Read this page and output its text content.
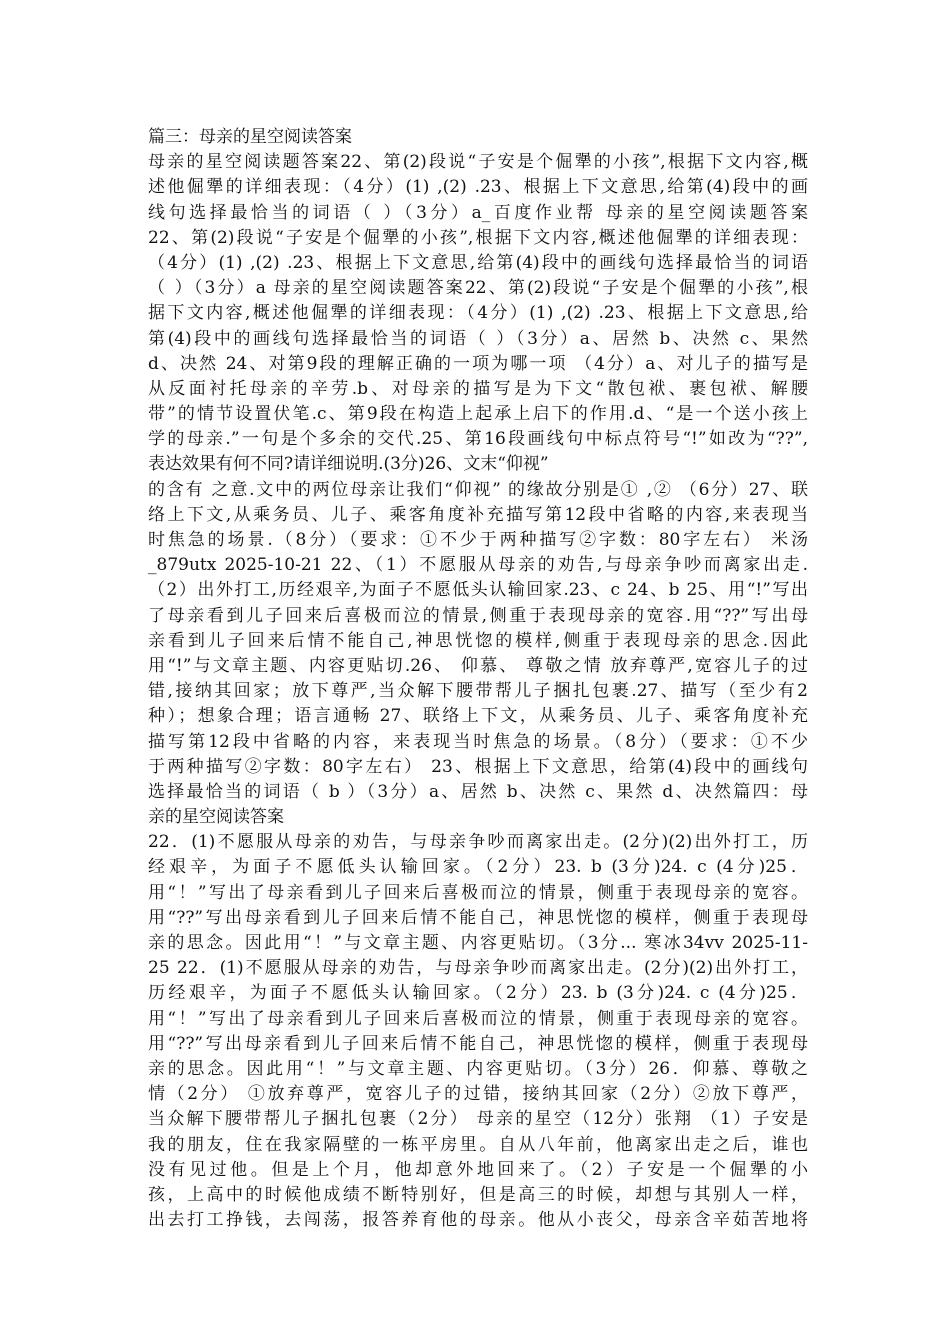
篇三：母亲的星空阅读答案
母亲的星空阅读题答案22、第(2)段说“子安是个倔犟的小孩”,根据下文内容,概
述他倔犟的详细表现：（4分）(1) ,(2) .23、根据上下文意思,给第(4)段中的画
线句选择最恰当的词语（ ）（3分）a_百度作业帮 母亲的星空阅读题答案
22、第(2)段说“子安是个倔犟的小孩”,根据下文内容,概述他倔犟的详细表现：
（4分）(1) ,(2) .23、根据上下文意思,给第(4)段中的画线句选择最恰当的词语
（ ）（3分）a 母亲的星空阅读题答案22、第(2)段说“子安是个倔犟的小孩”,根
据下文内容,概述他倔犟的详细表现：（4分）(1) ,(2) .23、根据上下文意思,给
第(4)段中的画线句选择最恰当的词语（ ）（3分）a、居然 b、决然 c、果然
d、决然 24、对第9段的理解正确的一项为哪一项 （4分）a、对儿子的描写是
从反面衬托母亲的辛劳.b、对母亲的描写是为下文“散包袱、裹包袱、解腰
带”的情节设置伏笔.c、第9段在构造上起承上启下的作用.d、“是一个送小孩上
学的母亲.”一句是个多余的交代.25、第16段画线句中标点符号“!”如改为“??”,
表达效果有何不同?请详细说明.(3分)26、文末“仰视”
的含有 之意.文中的两位母亲让我们“仰视” 的缘故分别是① ,② （6分）27、联
络上下文,从乘务员、儿子、乘客角度补充描写第12段中省略的内容,来表现当
时焦急的场景.（8分）（要求：①不少于两种描写②字数：80字左右） 米汤
_879utx 2025-10-21 22、（1）不愿服从母亲的劝告,与母亲争吵而离家出走.
（2）出外打工,历经艰辛,为面子不愿低头认输回家.23、c 24、b 25、用“!”写出
了母亲看到儿子回来后喜极而泣的情景,侧重于表现母亲的宽容.用“??”写出母
亲看到儿子回来后情不能自己,神思恍惚的模样,侧重于表现母亲的思念.因此
用“!”与文章主题、内容更贴切.26、 仰慕、 尊敬之情 放弃尊严,宽容儿子的过
错,接纳其回家；放下尊严,当众解下腰带帮儿子捆扎包裹.27、描写（至少有2
种）；想象合理；语言通畅 27、联络上下文，从乘务员、儿子、乘客角度补充
描写第12段中省略的内容，来表现当时焦急的场景。（8分）（要求：①不少
于两种描写②字数：80字左右） 23、根据上下文意思，给第(4)段中的画线句
选择最恰当的词语（ b ）（3分）a、居然 b、决然 c、果然 d、决然篇四：母
亲的星空阅读答案
22．(1)不愿服从母亲的劝告，与母亲争吵而离家出走。(2分)(2)出外打工，历
经艰辛，为面子不愿低头认输回家。（2分）23. b (3分)24. c (4分)25．
用“！”写出了母亲看到儿子回来后喜极而泣的情景，侧重于表现母亲的宽容。
用“??”写出母亲看到儿子回来后情不能自己，神思恍惚的模样，侧重于表现母
亲的思念。因此用“！”与文章主题、内容更贴切。（3分... 寒冰34vv 2025-11-
25 22．(1)不愿服从母亲的劝告，与母亲争吵而离家出走。(2分)(2)出外打工，
历经艰辛，为面子不愿低头认输回家。（2分）23. b (3分)24. c (4分)25．
用“！”写出了母亲看到儿子回来后喜极而泣的情景，侧重于表现母亲的宽容。
用“??”写出母亲看到儿子回来后情不能自己，神思恍惚的模样，侧重于表现母
亲的思念。因此用“！”与文章主题、内容更贴切。（3分）26．仰慕、尊敬之
情（2分） ①放弃尊严，宽容儿子的过错，接纳其回家（2分）②放下尊严，
当众解下腰带帮儿子捆扎包裹（2分） 母亲的星空（12分）张翔 （1）子安是
我的朋友，住在我家隔壁的一栋平房里。自从八年前，他离家出走之后，谁也
没有见过他。但是上个月，他却意外地回来了。（2）子安是一个倔犟的小
孩，上高中的时候他成绩不断特别好，但是高三的时候，却想与其别人一样，
出去打工挣钱，去闯荡，报答养育他的母亲。他从小丧父，母亲含辛茹苦地将
